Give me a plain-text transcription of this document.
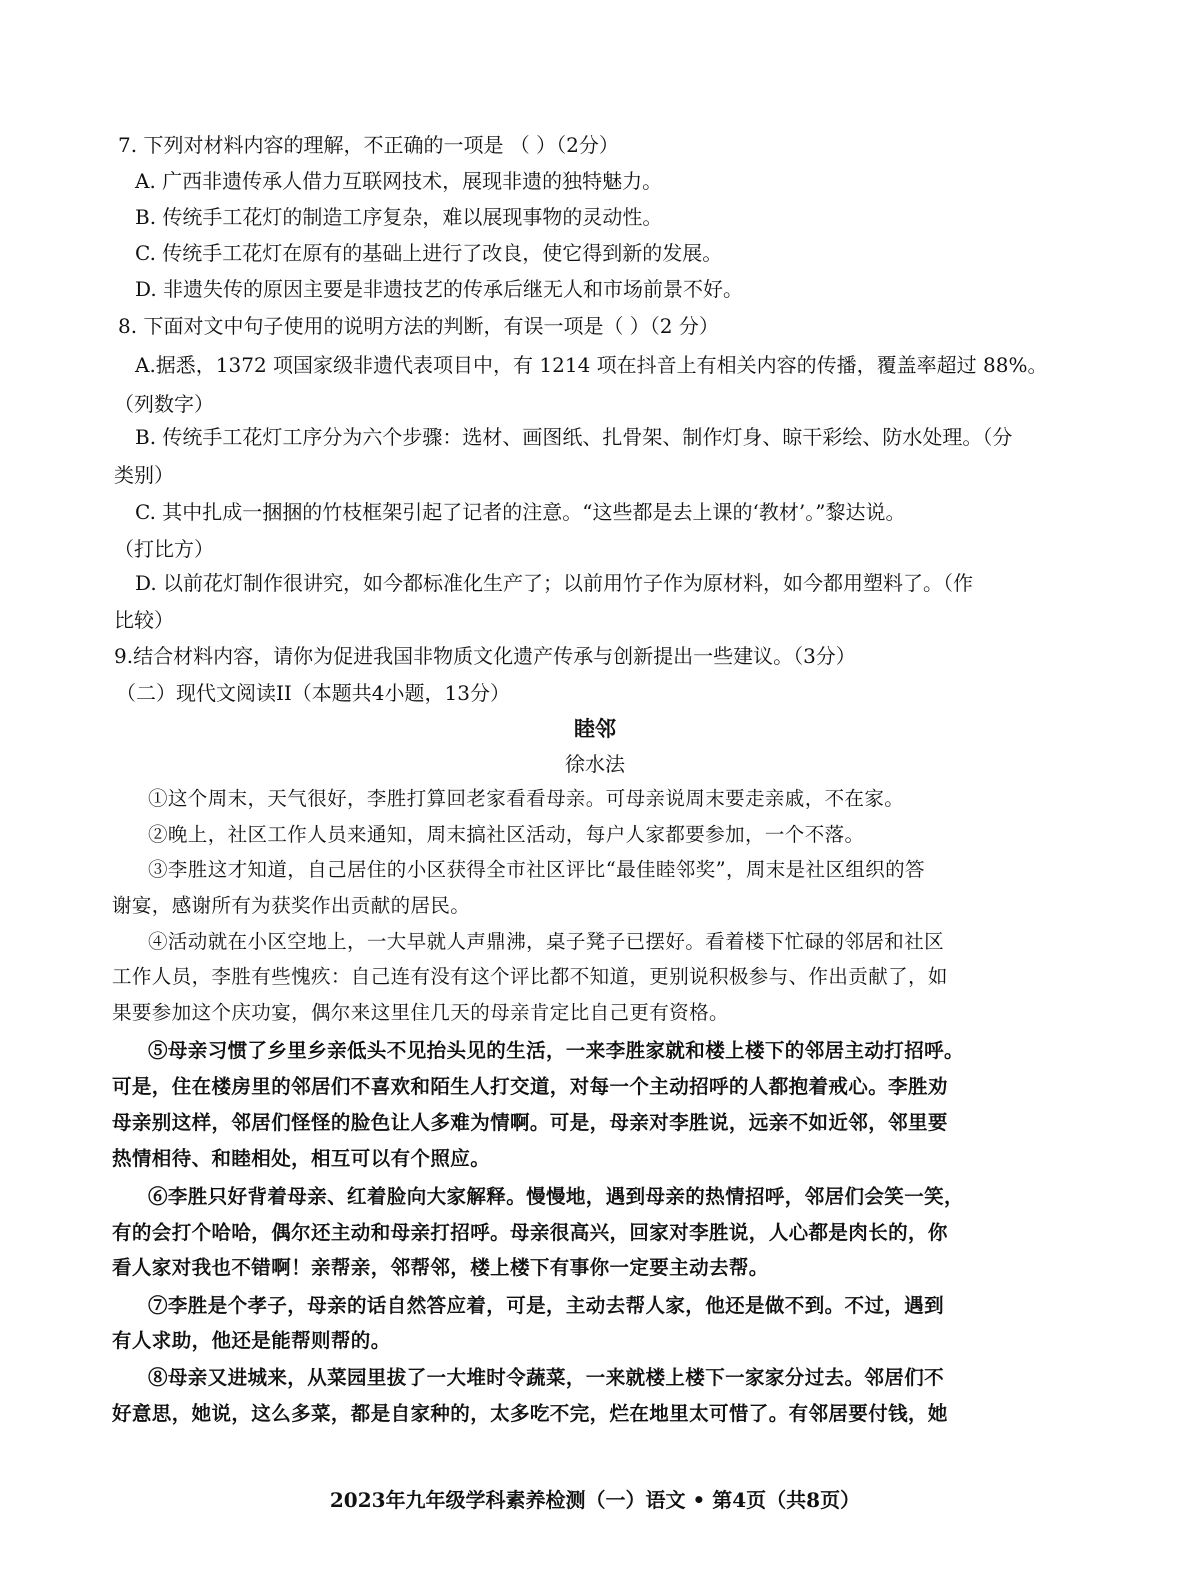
7. 下列对材料内容的理解，不正确的一项是 （ ）（2分）
A. 广西非遗传承人借力互联网技术，展现非遗的独特魅力。
B. 传统手工花灯的制造工序复杂，难以展现事物的灵动性。
C. 传统手工花灯在原有的基础上进行了改良，使它得到新的发展。
D. 非遗失传的原因主要是非遗技艺的传承后继无人和市场前景不好。
8. 下面对文中句子使用的说明方法的判断，有误一项是（ ）（2 分）
A.据悉，1372 项国家级非遗代表项目中，有 1214 项在抖音上有相关内容的传播，覆盖率超过 88%。
（列数字）
B. 传统手工花灯工序分为六个步骤：选材、画图纸、扎骨架、制作灯身、晾干彩绘、防水处理。（分
类别）
C. 其中扎成一捆捆的竹枝框架引起了记者的注意。“这些都是去上课的‘教材’。”黎达说。
（打比方）
D. 以前花灯制作很讲究，如今都标准化生产了；以前用竹子作为原材料，如今都用塑料了。（作
比较）
9.结合材料内容，请你为促进我国非物质文化遗产传承与创新提出一些建议。（3分）
（二）现代文阅读II（本题共4小题，13分）
睦邻
徐水法
①这个周末，天气很好，李胜打算回老家看看母亲。可母亲说周末要走亲戚，不在家。
②晚上，社区工作人员来通知，周末搞社区活动，每户人家都要参加，一个不落。
③李胜这才知道，自己居住的小区获得全市社区评比“最佳睦邻奖”，周末是社区组织的答
谢宴，感谢所有为获奖作出贡献的居民。
④活动就在小区空地上，一大早就人声鼎沸，桌子凳子已摆好。看着楼下忙碌的邻居和社区
工作人员，李胜有些愧疚：自己连有没有这个评比都不知道，更别说积极参与、作出贡献了，如
果要参加这个庆功宴，偶尔来这里住几天的母亲肯定比自己更有资格。
⑤母亲习惯了乡里乡亲低头不见抬头见的生活，一来李胜家就和楼上楼下的邻居主动打招呼。
可是，住在楼房里的邻居们不喜欢和陌生人打交道，对每一个主动招呼的人都抱着戒心。李胜劝
母亲别这样，邻居们怪怪的脸色让人多难为情啊。可是，母亲对李胜说，远亲不如近邻，邻里要
热情相待、和睦相处，相互可以有个照应。
⑥李胜只好背着母亲、红着脸向大家解释。慢慢地，遇到母亲的热情招呼，邻居们会笑一笑，
有的会打个哈哈，偶尔还主动和母亲打招呼。母亲很高兴，回家对李胜说，人心都是肉长的，你
看人家对我也不错啊！亲帮亲，邻帮邻，楼上楼下有事你一定要主动去帮。
⑦李胜是个孝子，母亲的话自然答应着，可是，主动去帮人家，他还是做不到。不过，遇到
有人求助，他还是能帮则帮的。
⑧母亲又进城来，从菜园里拔了一大堆时令蔬菜，一来就楼上楼下一家家分过去。邻居们不
好意思，她说，这么多菜，都是自家种的，太多吃不完，烂在地里太可惜了。有邻居要付钱，她
2023年九年级学科素养检测（一）语文 • 第4页（共8页）
